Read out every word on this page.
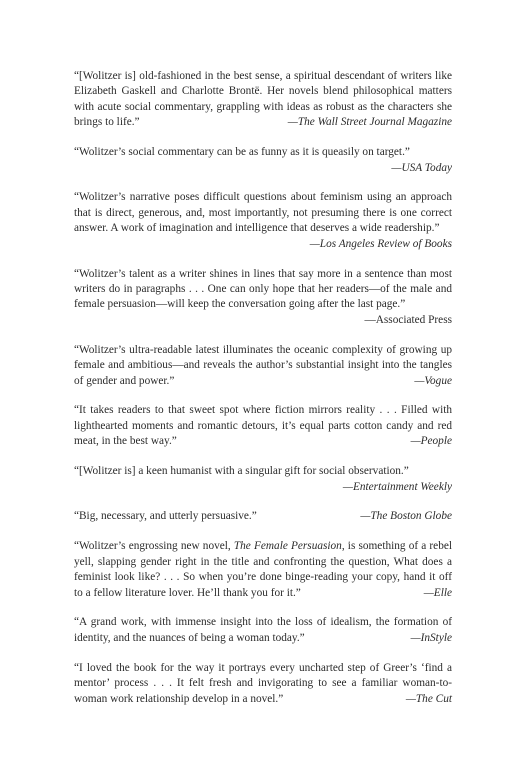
“[Wolitzer is] old-fashioned in the best sense, a spiritual descendant of writers like Elizabeth Gaskell and Charlotte Brontë. Her novels blend philosophical matters with acute social commentary, grappling with ideas as robust as the characters she brings to life.”	—The Wall Street Journal Magazine

“Wolitzer’s social commentary can be as funny as it is queasily on target.”
—USA Today

“Wolitzer’s narrative poses difficult questions about feminism using an approach that is direct, generous, and, most importantly, not presuming there is one correct answer. A work of imagination and intelligence that deserves a wide readership.”
—Los Angeles Review of Books

“Wolitzer’s talent as a writer shines in lines that say more in a sentence than most writers do in paragraphs . . . One can only hope that her readers—of the male and female persuasion—will keep the conversation going after the last page.”
—Associated Press

“Wolitzer’s ultra-readable latest illuminates the oceanic complexity of growing up female and ambitious—and reveals the author’s substantial insight into the tangles of gender and power.”	—Vogue

“It takes readers to that sweet spot where fiction mirrors reality . . . Filled with lighthearted moments and romantic detours, it’s equal parts cotton candy and red meat, in the best way.”	—People

“[Wolitzer is] a keen humanist with a singular gift for social observation.”
—Entertainment Weekly

“Big, necessary, and utterly persuasive.”	—The Boston Globe

“Wolitzer’s engrossing new novel, The Female Persuasion, is something of a rebel yell, slapping gender right in the title and confronting the question, What does a feminist look like? . . . So when you’re done binge-reading your copy, hand it off to a fellow literature lover. He’ll thank you for it.”	—Elle

“A grand work, with immense insight into the loss of idealism, the formation of identity, and the nuances of being a woman today.”	—InStyle

“I loved the book for the way it portrays every uncharted step of Greer’s ‘find a mentor’ process . . . It felt fresh and invigorating to see a familiar woman-to-woman work relationship develop in a novel.”	—The Cut
